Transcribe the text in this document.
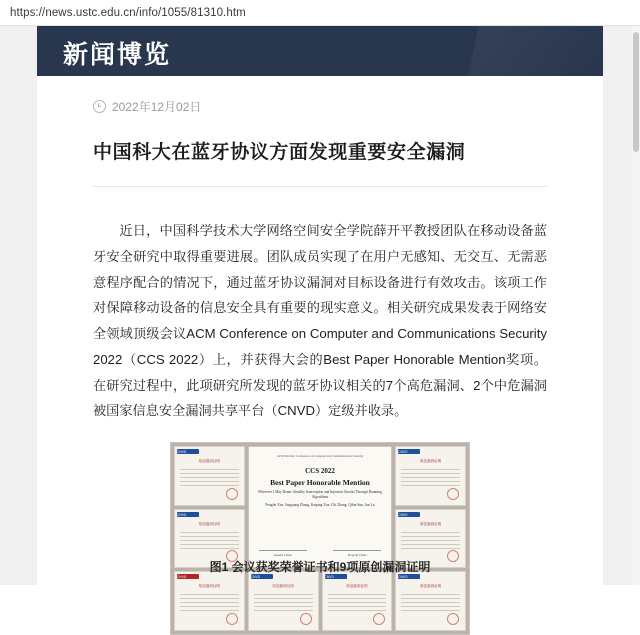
https://news.ustc.edu.cn/info/1055/81310.htm
新闻博览
2022年12月02日
中国科大在蓝牙协议方面发现重要安全漏洞

近日，中国科学技术大学网络空间安全学院薛开平教授团队在移动设备蓝牙安全研究中取得重要进展。团队成员实现了在用户无感知、无交互、无需恶意程序配合的情况下，通过蓝牙协议漏洞对目标设备进行有效攻击。该项工作对保障移动设备的信息安全具有重要的现实意义。相关研究成果发表于网络安全领域顶级会议ACM Conference on Computer and Communications Security 2022（CCS 2022）上，并获得大会的Best Paper Honorable Mention奖项。在研究过程中，此项研究所发现的蓝牙协议相关的7个高危漏洞、2个中危漏洞被国家信息安全漏洞共享平台（CNVD）定级并收录。

CNVD
原创漏洞证明
ACM SIGSAC Conference on Computer and Communications Security
CCS 2022
Best Paper Honorable Mention
Wherever I May Roam: Stealthy Interception and Injection Attacks Through Roaming Algorithms
Pengfei Xue, Jingqiang Zhang, Kaiping Xue, Chi Zhang, Qibin Sun, Jun Lu
General Chairs	Program Chairs
CNVD
原创漏洞证明
CNVD
原创漏洞证明
CNVD
原创漏洞证明
CNVD
原创漏洞证明
CNVD
原创漏洞证明
CNVD
原创漏洞证明
CNVD
原创漏洞证明
图1 会议获奖荣誉证书和9项原创漏洞证明
